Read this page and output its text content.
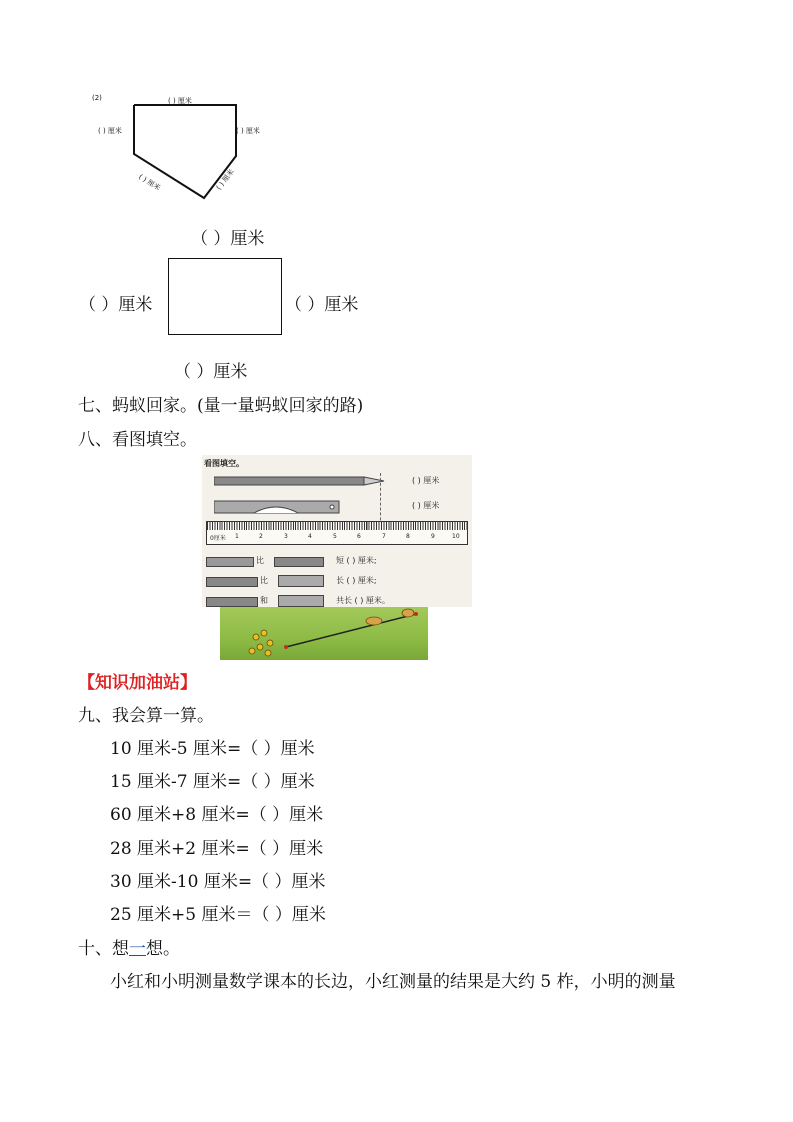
(2)	( ) 厘米
( ) 厘米	( ) 厘米
( ) 厘米	( ) 厘米
（ ）厘米
（ ）厘米	（ ）厘米
（ ）厘米
七、蚂蚁回家。(量一量蚂蚁回家的路)
八、看图填空。
看图填空。
( ) 厘米
( ) 厘米
0厘米 1	2	3	4	5	6	7	8	9	10
比	短 ( ) 厘米;
比	长 ( ) 厘米;
和	共长 ( ) 厘米。
【知识加油站】
九、我会算一算。
10 厘米-5 厘米=（ ）厘米
15 厘米-7 厘米=（ ）厘米
60 厘米+8 厘米=（ ）厘米
28 厘米+2 厘米=（ ）厘米
30 厘米-10 厘米=（ ）厘米
25 厘米+5 厘米＝（ ）厘米
十、想一想。
小红和小明测量数学课本的长边，小红测量的结果是大约 5 柞，小明的测量
